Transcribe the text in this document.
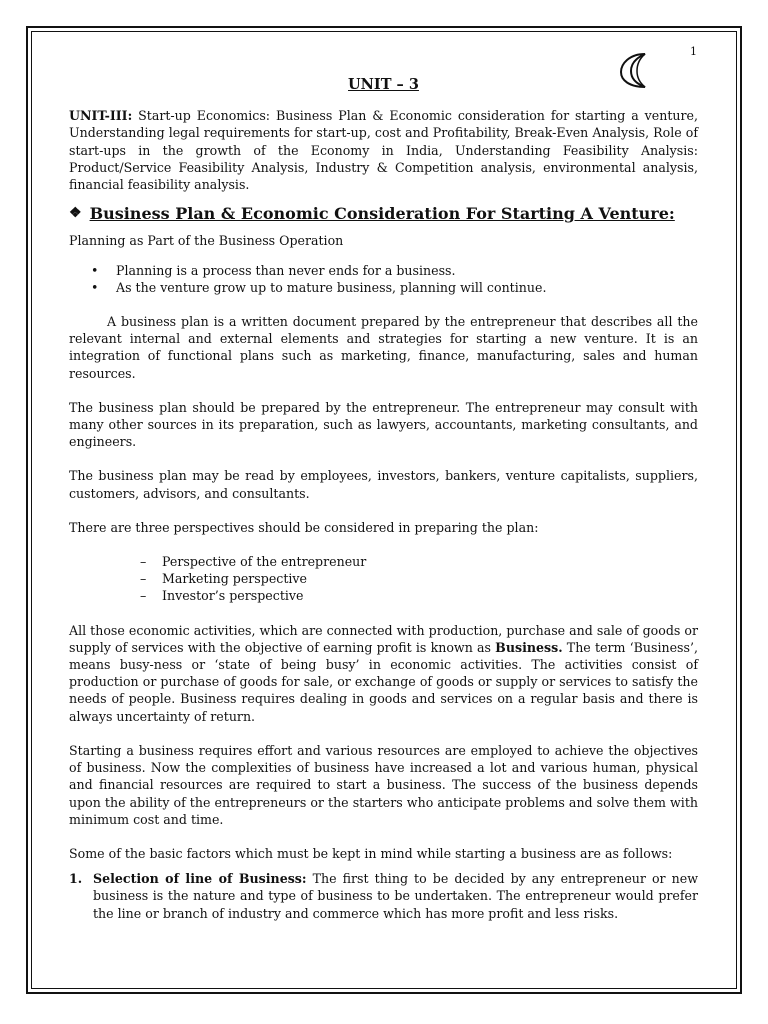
1
UNIT – 3

UNIT-III: Start-up Economics: Business Plan & Economic consideration for starting a venture, Understanding legal requirements for start-up, cost and Profitability, Break-Even Analysis, Role of start-ups in the growth of the Economy in India, Understanding Feasibility Analysis: Product/Service Feasibility Analysis, Industry & Competition analysis, environmental analysis, financial feasibility analysis.

❖ Business Plan & Economic Consideration For Starting A Venture:

Planning as Part of the Business Operation

• Planning is a process than never ends for a business.
• As the venture grow up to mature business, planning will continue.

A business plan is a written document prepared by the entrepreneur that describes all the relevant internal and external elements and strategies for starting a new venture. It is an integration of functional plans such as marketing, finance, manufacturing, sales and human resources.

The business plan should be prepared by the entrepreneur. The entrepreneur may consult with many other sources in its preparation, such as lawyers, accountants, marketing consultants, and engineers.

The business plan may be read by employees, investors, bankers, venture capitalists, suppliers, customers, advisors, and consultants.

There are three perspectives should be considered in preparing the plan:

– Perspective of the entrepreneur
– Marketing perspective
– Investor’s perspective

All those economic activities, which are connected with production, purchase and sale of goods or supply of services with the objective of earning profit is known as Business. The term ‘Business’, means busy-ness or ‘state of being busy’ in economic activities. The activities consist of production or purchase of goods for sale, or exchange of goods or supply or services to satisfy the needs of people. Business requires dealing in goods and services on a regular basis and there is always uncertainty of return.

Starting a business requires effort and various resources are employed to achieve the objectives of business. Now the complexities of business have increased a lot and various human, physical and financial resources are required to start a business. The success of the business depends upon the ability of the entrepreneurs or the starters who anticipate problems and solve them with minimum cost and time.

Some of the basic factors which must be kept in mind while starting a business are as follows:

1. Selection of line of Business: The first thing to be decided by any entrepreneur or new business is the nature and type of business to be undertaken. The entrepreneur would prefer the line or branch of industry and commerce which has more profit and less risks.
